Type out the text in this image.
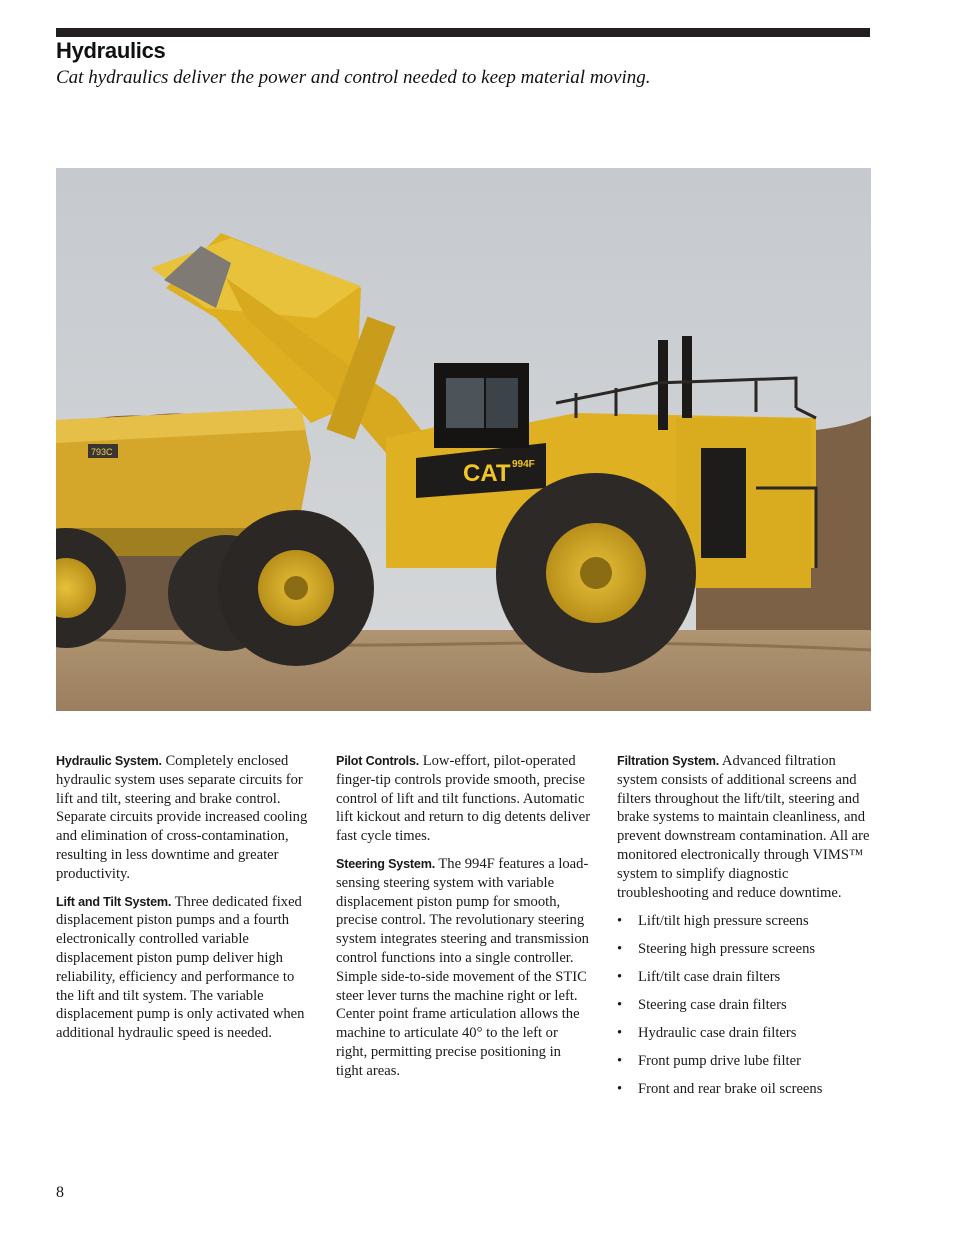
Hydraulics

Cat hydraulics deliver the power and control needed to keep material moving.

793C
CAT 994F

Hydraulic System. Completely enclosed hydraulic system uses separate circuits for lift and tilt, steering and brake control. Separate circuits provide increased cooling and elimination of cross-contamination, resulting in less downtime and greater productivity.

Lift and Tilt System. Three dedicated fixed displacement piston pumps and a fourth electronically controlled variable displacement piston pump deliver high reliability, efficiency and performance to the lift and tilt system. The variable displacement pump is only activated when additional hydraulic speed is needed.

Pilot Controls. Low-effort, pilot-operated finger-tip controls provide smooth, precise control of lift and tilt functions. Automatic lift kickout and return to dig detents deliver fast cycle times.

Steering System. The 994F features a load-sensing steering system with variable displacement piston pump for smooth, precise control. The revolutionary steering system integrates steering and transmission control functions into a single controller. Simple side-to-side movement of the STIC steer lever turns the machine right or left. Center point frame articulation allows the machine to articulate 40° to the left or right, permitting precise positioning in tight areas.

Filtration System. Advanced filtration system consists of additional screens and filters throughout the lift/tilt, steering and brake systems to maintain cleanliness, and prevent downstream contamination. All are monitored electronically through VIMS™ system to simplify diagnostic troubleshooting and reduce downtime.

• Lift/tilt high pressure screens
• Steering high pressure screens
• Lift/tilt case drain filters
• Steering case drain filters
• Hydraulic case drain filters
• Front pump drive lube filter
• Front and rear brake oil screens
8
